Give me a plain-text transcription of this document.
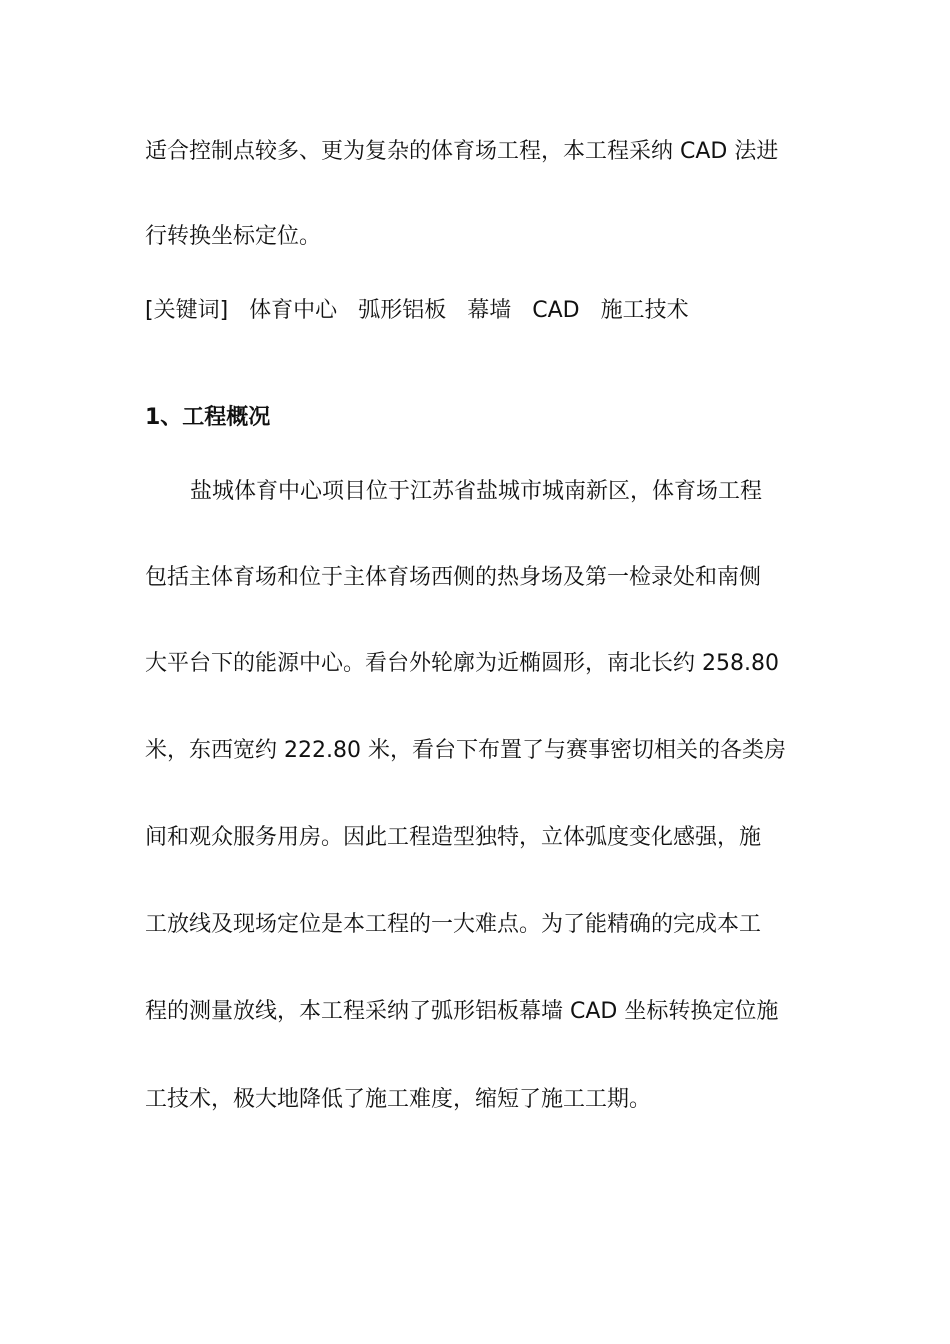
适合控制点较多、更为复杂的体育场工程，本工程采纳 CAD 法进
行转换坐标定位。
[关键词] 体育中心 弧形铝板 幕墙 CAD 施工技术
1、工程概况
盐城体育中心项目位于江苏省盐城市城南新区，体育场工程
包括主体育场和位于主体育场西侧的热身场及第一检录处和南侧
大平台下的能源中心。看台外轮廓为近椭圆形，南北长约 258.80
米，东西宽约 222.80 米，看台下布置了与赛事密切相关的各类房
间和观众服务用房。因此工程造型独特，立体弧度变化感强，施
工放线及现场定位是本工程的一大难点。为了能精确的完成本工
程的测量放线，本工程采纳了弧形铝板幕墙 CAD 坐标转换定位施
工技术，极大地降低了施工难度，缩短了施工工期。
